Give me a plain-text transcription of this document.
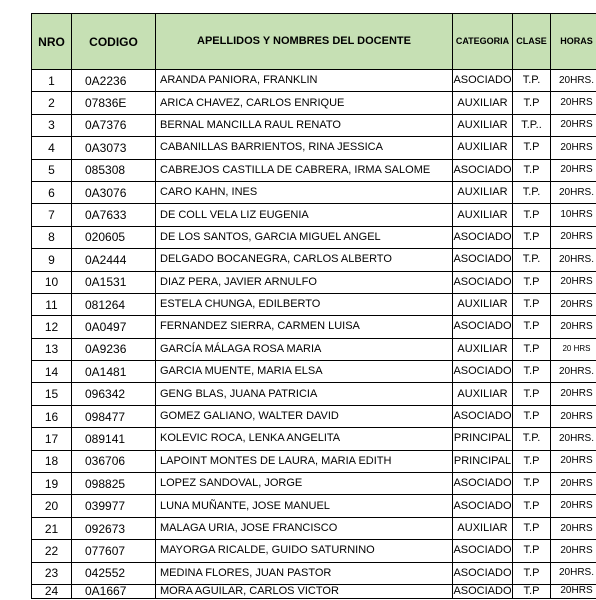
NRO	CODIGO	APELLIDOS Y NOMBRES DEL DOCENTE	CATEGORIA	CLASE	HORAS
1	0A2236	ARANDA PANIORA, FRANKLIN	ASOCIADO	T.P.	20HRS.
2	07836E	ARICA CHAVEZ, CARLOS ENRIQUE	AUXILIAR	T.P	20HRS
3	0A7376	BERNAL MANCILLA RAUL RENATO	AUXILIAR	T.P..	20HRS
4	0A3073	CABANILLAS BARRIENTOS, RINA JESSICA	AUXILIAR	T.P	20HRS
5	085308	CABREJOS CASTILLA DE CABRERA, IRMA SALOME	ASOCIADO	T.P	20HRS
6	0A3076	CARO KAHN, INES	AUXILIAR	T.P.	20HRS.
7	0A7633	DE COLL VELA LIZ EUGENIA	AUXILIAR	T.P	10HRS
8	020605	DE LOS SANTOS, GARCIA MIGUEL ANGEL	ASOCIADO	T.P	20HRS
9	0A2444	DELGADO BOCANEGRA, CARLOS ALBERTO	ASOCIADO	T.P.	20HRS.
10	0A1531	DIAZ PERA, JAVIER ARNULFO	ASOCIADO	T.P	20HRS
11	081264	ESTELA CHUNGA, EDILBERTO	AUXILIAR	T.P	20HRS
12	0A0497	FERNANDEZ SIERRA, CARMEN LUISA	ASOCIADO	T.P	20HRS
13	0A9236	GARCÍA MÁLAGA ROSA MARIA	AUXILIAR	T.P	20 HRS
14	0A1481	GARCIA MUENTE, MARIA ELSA	ASOCIADO	T.P	20HRS.
15	096342	GENG BLAS, JUANA PATRICIA	AUXILIAR	T.P	20HRS
16	098477	GOMEZ GALIANO, WALTER DAVID	ASOCIADO	T.P	20HRS
17	089141	KOLEVIC ROCA, LENKA ANGELITA	PRINCIPAL	T.P.	20HRS.
18	036706	LAPOINT MONTES DE LAURA, MARIA EDITH	PRINCIPAL	T.P	20HRS
19	098825	LOPEZ SANDOVAL, JORGE	ASOCIADO	T.P	20HRS
20	039977	LUNA MUÑANTE, JOSE MANUEL	ASOCIADO	T.P	20HRS
21	092673	MALAGA URIA, JOSE FRANCISCO	AUXILIAR	T.P	20HRS
22	077607	MAYORGA RICALDE, GUIDO SATURNINO	ASOCIADO	T.P	20HRS
23	042552	MEDINA FLORES, JUAN PASTOR	ASOCIADO	T.P	20HRS.
24	0A1667	MORA AGUILAR, CARLOS VICTOR	ASOCIADO	T.P	20HRS
